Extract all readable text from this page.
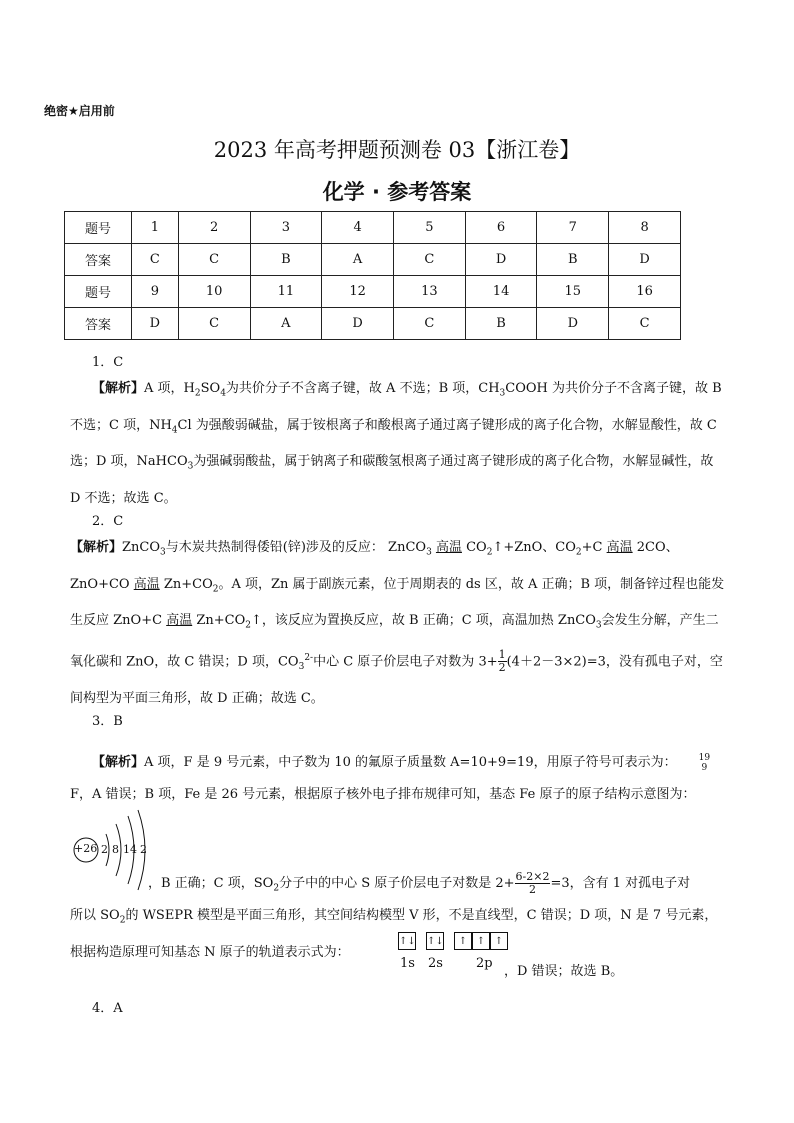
绝密★启用前
2023 年高考押题预测卷 03【浙江卷】
化学 · 参考答案
题号	1	2	3	4	5	6	7	8
答案	C	C	B	A	C	D	B	D
题号	9	10	11	12	13	14	15	16
答案	D	C	A	D	C	B	D	C
1．C
【解析】A 项，$H_2SO_4$为共价分子不含离子键，故 A 不选；B 项，$CH_3COOH$ 为共价分子不含离子键，故 B 不选；C 项，$NH_4Cl$ 为强酸弱碱盐，属于铵根离子和酸根离子通过离子键形成的离子化合物，水解显酸性，故 C 选；D 项，NaHCO$_3$为强碱弱酸盐，属于钠离子和碳酸氢根离子通过离子键形成的离子化合物，水解显碱性，故 D 不选；故选 C。
2．C
【解析】ZnCO$_3$与木炭共热制得倭铅(锌)涉及的反应： ZnCO$_3$ 高温 $CO_2↑+ZnO$、$CO_2+C$ 高温 2CO、ZnO+CO 高温 $Zn+CO_2$。A 项，Zn 属于副族元素，位于周期表的 ds 区，故 A 正确；B 项，制备锌过程也能发生反应 ZnO+C 高温 $Zn+CO_2↑$，该反应为置换反应，故 B 正确；C 项，高温加热 ZnCO$_3$会发生分解，产生二氧化碳和 ZnO，故 C 错误；D 项，$CO_3^{2-}$中心 C 原子价层电子对数为 $3+ \frac{1}{2} (4+2-3\times 2)=3$，没有孤电子对，空间构型为平面三角形，故 D 正确；故选 C。
3．B
【解析】A 项，F 是 9 号元素，中子数为 10 的氟原子质量数 A=10+9=19，用原子符号可表示为：	19
9
F，A 错误；B 项，Fe 是 26 号元素，根据原子核外电子排布规律可知，基态 Fe 原子的原子结构示意图为：
+26 2 8 14 2
，B 正确；C 项，$SO_2$分子中的中心 S 原子价层电子对数是 $2+ \frac{6-2\times 2}{2} =3$，含有 1 对孤电子对
↑↓ ↑↓	↑ ↑ ↑
1s 2s	2p
所以 $SO_2$的 WSEPR 模型是平面三角形，其空间结构模型 V 形，不是直线型，C 错误；D 项，N 是 7 号元素，根据构造原理可知基态 N 原子的轨道表示式为：
，D 错误；故选 B。
4．A
